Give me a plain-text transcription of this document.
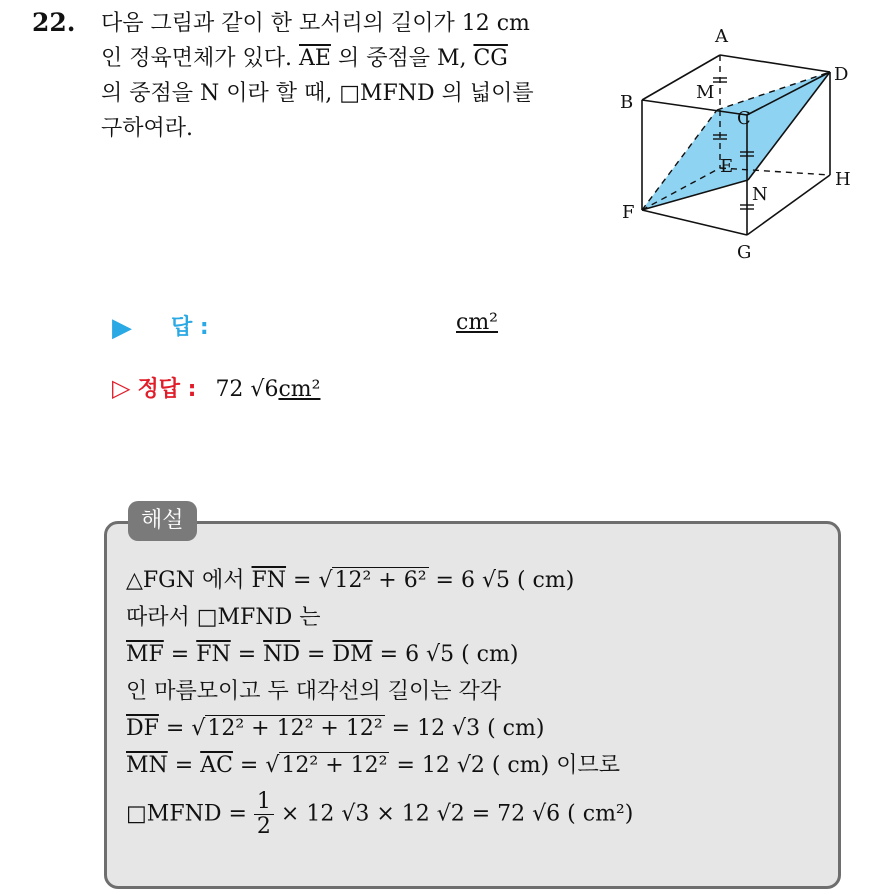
22. 다음 그림과 같이 한 모서리의 길이가 12 cm
인 정육면체가 있다. $\overline{AE}$ 의 중점을 M, $\overline{CG}$
의 중점을 N 이라 할 때, □MFND 의 넓이를
구하여라.
A
B
C
D
E
F
G
H
M
N
▶ 답 :	cm²
▷ 정답 : 72 √6cm²
해설
△FGN 에서 $\overline{FN} = √12^2 + 6^2 = 6$ √5 ( cm)
따라서 □MFND 는
$\overline{MF} = \overline{FN} = \overline{ND} = \overline{DM} = 6$ √5 ( cm)
인 마름모이고 두 대각선의 길이는 각각
$\overline{DF} = √12^2 + 12^2 + 12^2 = 12$ √3 ( cm)
$\overline{MN} = \overline{AC} = √12^2 + 12^2 = 12$ √2 ( cm) 이므로
□MFND = $\frac{1}{2} \times 12$ √3 × 12 √2 = 72 √6 ( cm²)
